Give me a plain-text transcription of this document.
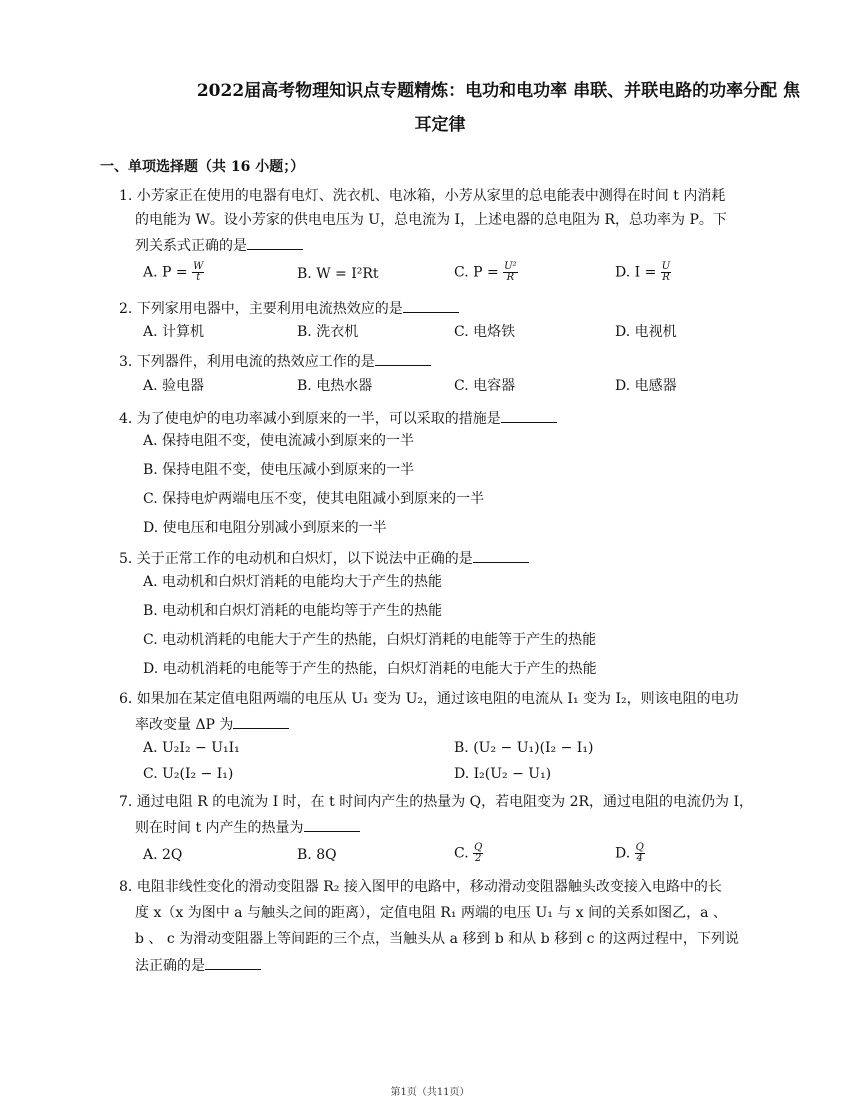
2022届高考物理知识点专题精炼：电功和电功率 串联、并联电路的功率分配 焦
耳定律
一、单项选择题（共 16 小题；）
1. 小芳家正在使用的电器有电灯、洗衣机、电冰箱，小芳从家里的总电能表中测得在时间 t 内消耗
的电能为 W。设小芳家的供电电压为 U，总电流为 I，上述电器的总电阻为 R，总功率为 P。下
列关系式正确的是
A. $P = \frac{W}{t}$	B. W = I²Rt	C. $P = \frac{\text{U²}}{R}$	D. $I = \frac{U}{R}$
2. 下列家用电器中，主要利用电流热效应的是
A. 计算机	B. 洗衣机	C. 电烙铁	D. 电视机
3. 下列器件，利用电流的热效应工作的是
A. 验电器	B. 电热水器	C. 电容器	D. 电感器
4. 为了使电炉的电功率减小到原来的一半，可以采取的措施是
A. 保持电阻不变，使电流减小到原来的一半
B. 保持电阻不变，使电压减小到原来的一半
C. 保持电炉两端电压不变，使其电阻减小到原来的一半
D. 使电压和电阻分别减小到原来的一半
5. 关于正常工作的电动机和白炽灯，以下说法中正确的是
A. 电动机和白炽灯消耗的电能均大于产生的热能
B. 电动机和白炽灯消耗的电能均等于产生的热能
C. 电动机消耗的电能大于产生的热能，白炽灯消耗的电能等于产生的热能
D. 电动机消耗的电能等于产生的热能，白炽灯消耗的电能大于产生的热能
6. 如果加在某定值电阻两端的电压从 U₁ 变为 U₂，通过该电阻的电流从 I₁ 变为 I₂，则该电阻的电功
率改变量 ΔP 为
A. U₂I₂ − U₁I₁	B. (U₂ − U₁)(I₂ − I₁)
C. U₂(I₂ − I₁)	D. I₂(U₂ − U₁)
7. 通过电阻 R 的电流为 I 时，在 t 时间内产生的热量为 Q，若电阻变为 2R，通过电阻的电流仍为 I，
则在时间 t 内产生的热量为
A. 2Q	B. 8Q	C. $\frac{Q}{2}$	D. $\frac{Q}{4}$
8. 电阻非线性变化的滑动变阻器 R₂ 接入图甲的电路中，移动滑动变阻器触头改变接入电路中的长
度 x（x 为图中 a 与触头之间的距离），定值电阻 R₁ 两端的电压 U₁ 与 x 间的关系如图乙，a 、
b 、 c 为滑动变阻器上等间距的三个点，当触头从 a 移到 b 和从 b 移到 c 的这两过程中，下列说
法正确的是
第1页（共11页）
